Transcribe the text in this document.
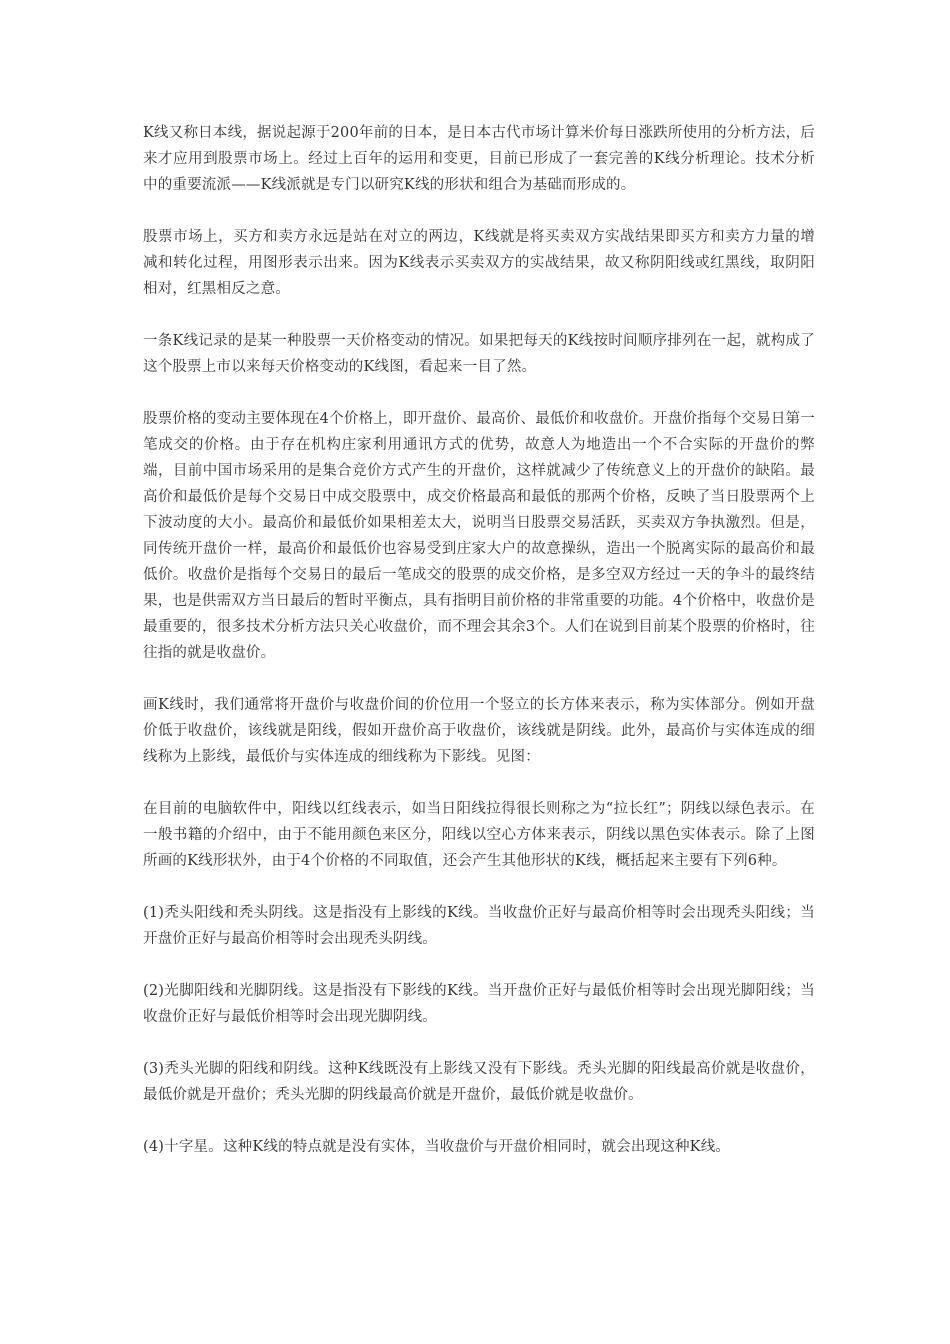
K线又称日本线，据说起源于200年前的日本，是日本古代市场计算米价每日涨跌所使用的分析方法，后来才应用到股票市场上。经过上百年的运用和变更，目前已形成了一套完善的K线分析理论。技术分析中的重要流派——K线派就是专门以研究K线的形状和组合为基础而形成的。

股票市场上，买方和卖方永远是站在对立的两边，K线就是将买卖双方实战结果即买方和卖方力量的增减和转化过程，用图形表示出来。因为K线表示买卖双方的实战结果，故又称阴阳线或红黑线，取阴阳相对，红黑相反之意。

一条K线记录的是某一种股票一天价格变动的情况。如果把每天的K线按时间顺序排列在一起，就构成了这个股票上市以来每天价格变动的K线图，看起来一目了然。

股票价格的变动主要体现在4个价格上，即开盘价、最高价、最低价和收盘价。开盘价指每个交易日第一笔成交的价格。由于存在机构庄家利用通讯方式的优势，故意人为地造出一个不合实际的开盘价的弊端，目前中国市场采用的是集合竞价方式产生的开盘价，这样就减少了传统意义上的开盘价的缺陷。最高价和最低价是每个交易日中成交股票中，成交价格最高和最低的那两个价格，反映了当日股票两个上下波动度的大小。最高价和最低价如果相差太大，说明当日股票交易活跃，买卖双方争执激烈。但是，同传统开盘价一样，最高价和最低价也容易受到庄家大户的故意操纵，造出一个脱离实际的最高价和最低价。收盘价是指每个交易日的最后一笔成交的股票的成交价格，是多空双方经过一天的争斗的最终结果，也是供需双方当日最后的暂时平衡点，具有指明目前价格的非常重要的功能。4个价格中，收盘价是最重要的，很多技术分析方法只关心收盘价，而不理会其余3个。人们在说到目前某个股票的价格时，往往指的就是收盘价。

画K线时，我们通常将开盘价与收盘价间的价位用一个竖立的长方体来表示，称为实体部分。例如开盘价低于收盘价，该线就是阳线，假如开盘价高于收盘价，该线就是阴线。此外，最高价与实体连成的细线称为上影线，最低价与实体连成的细线称为下影线。见图：

在目前的电脑软件中，阳线以红线表示，如当日阳线拉得很长则称之为“拉长红”；阴线以绿色表示。在一般书籍的介绍中，由于不能用颜色来区分，阳线以空心方体来表示，阴线以黑色实体表示。除了上图所画的K线形状外，由于4个价格的不同取值，还会产生其他形状的K线，概括起来主要有下列6种。

(1)秃头阳线和秃头阴线。这是指没有上影线的K线。当收盘价正好与最高价相等时会出现秃头阳线；当开盘价正好与最高价相等时会出现秃头阴线。

(2)光脚阳线和光脚阴线。这是指没有下影线的K线。当开盘价正好与最低价相等时会出现光脚阳线；当收盘价正好与最低价相等时会出现光脚阴线。

(3)秃头光脚的阳线和阴线。这种K线既没有上影线又没有下影线。秃头光脚的阳线最高价就是收盘价，最低价就是开盘价；秃头光脚的阴线最高价就是开盘价，最低价就是收盘价。

(4)十字星。这种K线的特点就是没有实体，当收盘价与开盘价相同时，就会出现这种K线。
